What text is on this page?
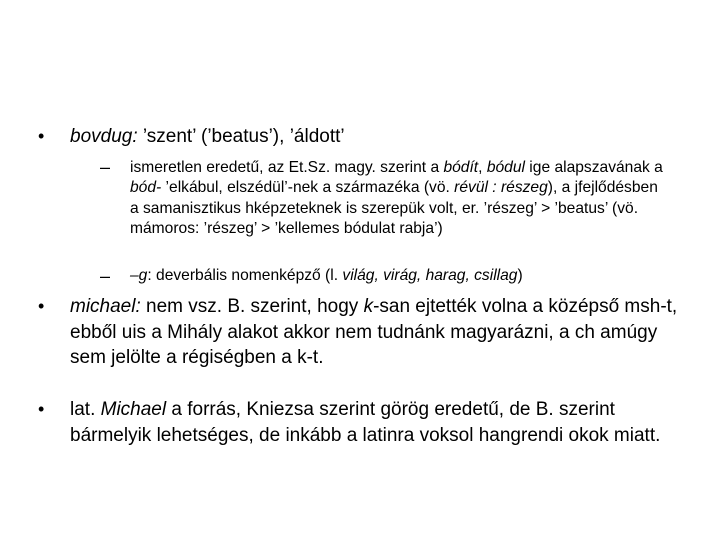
• bovdug: ’szent’ (’beatus’), ’áldott’
– ismeretlen eredetű, az Et.Sz. magy. szerint a bódít, bódul ige alapszavának a bód- ’elkábul, elszédül’-nek a származéka (vö. révül : részeg), a jfejlődésben a samanisztikus hképzeteknek is szerepük volt, er. ’részeg’ > ’beatus’ (vö. mámoros: ’részeg’ > ’kellemes bódulat rabja’)
– –g: deverbális nomenképző (l. világ, virág, harag, csillag)
• michael: nem vsz. B. szerint, hogy k-san ejtették volna a középső msh-t, ebből uis a Mihály alakot akkor nem tudnánk magyarázni, a ch amúgy sem jelölte a régiségben a k-t.
• lat. Michael a forrás, Kniezsa szerint görög eredetű, de B. szerint bármelyik lehetséges, de inkább a latinra voksol hangrendi okok miatt.
